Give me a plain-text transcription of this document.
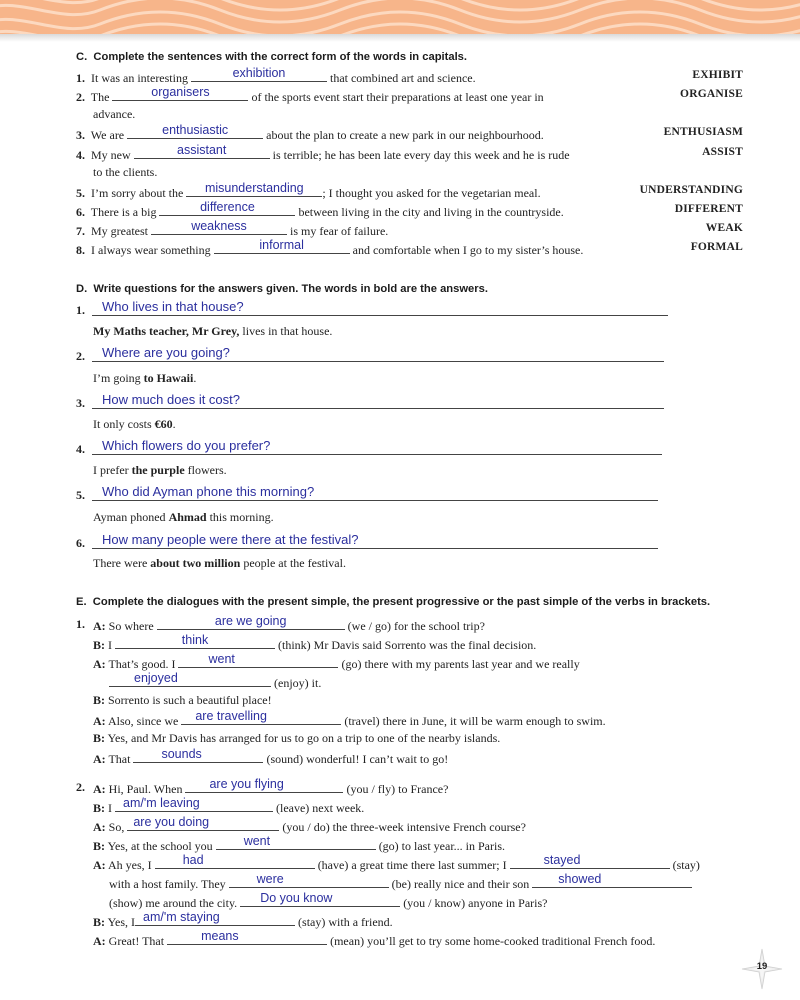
C.  Complete the sentences with the correct form of the words in capitals.
1. It was an interesting	exhibition	that combined art and science.	EXHIBIT
2. The	organisers	of the sports event start their preparations at least one year in	ORGANISE
advance.
3. We are	enthusiastic	about the plan to create a new park in our neighbourhood.	ENTHUSIASM
4. My new	assistant	is terrible; he has been late every day this week and he is rude	ASSIST
to the clients.
5. I’m sorry about the	misunderstanding	; I thought you asked for the vegetarian meal.	UNDERSTANDING
6. There is a big	difference	between living in the city and living in the countryside.	DIFFERENT
7. My greatest	weakness	is my fear of failure.	WEAK
8. I always wear something	informal	and comfortable when I go to my sister’s house.	FORMAL
D.  Write questions for the answers given. The words in bold are the answers.
1.	Who lives in that house?
My Maths teacher, Mr Grey, lives in that house.
2.	Where are you going?
I’m going to Hawaii.
3.	How much does it cost?
It only costs €60.
4.	Which flowers do you prefer?
I prefer the purple flowers.
5.	Who did Ayman phone this morning?
Ayman phoned Ahmad this morning.
6.	How many people were there at the festival?
There were about two million people at the festival.
E.  Complete the dialogues with the present simple, the present progressive or the past simple of the verbs in brackets.
1. A: So where	are we going	(we / go) for the school trip?
B: I	think	(think) Mr Davis said Sorrento was the final decision.
A: That’s good. I	went	(go) there with my parents last year and we really
enjoyed	(enjoy) it.
B: Sorrento is such a beautiful place!
A: Also, since we	are travelling	(travel) there in June, it will be warm enough to swim.
B: Yes, and Mr Davis has arranged for us to go on a trip to one of the nearby islands.
A: That	sounds	(sound) wonderful! I can’t wait to go!
2. A: Hi, Paul. When	are you flying	(you / fly) to France?
B: I am/'m leaving	(leave) next week.
A: So, are you doing	(you / do) the three-week intensive French course?
B: Yes, at the school you	went	(go) to last year... in Paris.
A: Ah yes, I	had	(have) a great time there last summer; I	stayed	(stay)
with a host family. They	were	(be) really nice and their son	showed
(show) me around the city.	Do you know	(you / know) anyone in Paris?
B: Yes, I am/'m staying	(stay) with a friend.
A: Great! That	means	(mean) you’ll get to try some home-cooked traditional French food.
19
